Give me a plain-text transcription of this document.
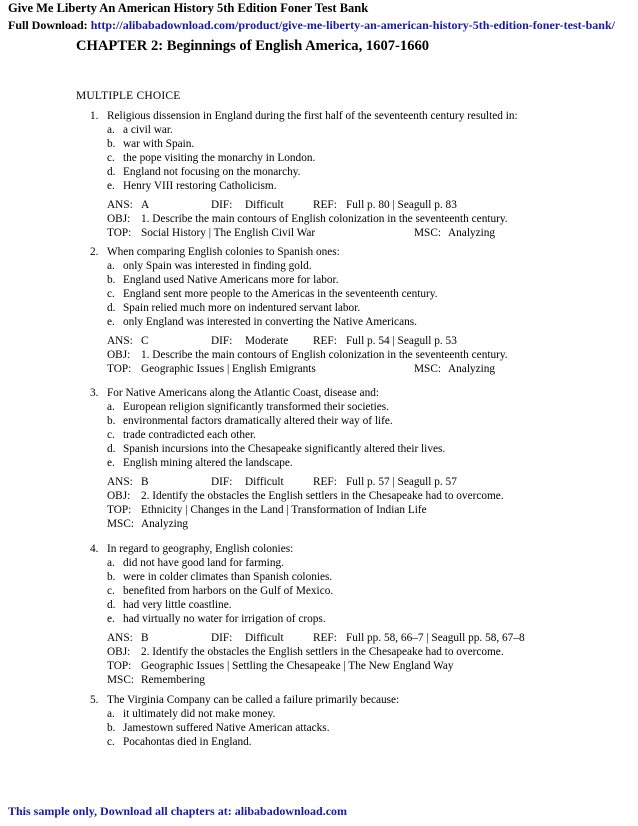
Give Me Liberty An American History 5th Edition Foner Test Bank
Full Download: http://alibabadownload.com/product/give-me-liberty-an-american-history-5th-edition-foner-test-bank/
CHAPTER 2: Beginnings of English America, 1607-1660
MULTIPLE CHOICE
1. Religious dissension in England during the first half of the seventeenth century resulted in:
a. a civil war.
b. war with Spain.
c. the pope visiting the monarchy in London.
d. England not focusing on the monarchy.
e. Henry VIII restoring Catholicism.
ANS: A	DIF: Difficult	REF: Full p. 80 | Seagull p. 83
OBJ: 1. Describe the main contours of English colonization in the seventeenth century.
TOP: Social History | The English Civil War	MSC: Analyzing
2. When comparing English colonies to Spanish ones:
a. only Spain was interested in finding gold.
b. England used Native Americans more for labor.
c. England sent more people to the Americas in the seventeenth century.
d. Spain relied much more on indentured servant labor.
e. only England was interested in converting the Native Americans.
ANS: C	DIF: Moderate REF: Full p. 54 | Seagull p. 53
OBJ: 1. Describe the main contours of English colonization in the seventeenth century.
TOP: Geographic Issues | English Emigrants	MSC: Analyzing
3. For Native Americans along the Atlantic Coast, disease and:
a. European religion significantly transformed their societies.
b. environmental factors dramatically altered their way of life.
c. trade contradicted each other.
d. Spanish incursions into the Chesapeake significantly altered their lives.
e. English mining altered the landscape.
ANS: B	DIF: Difficult	REF: Full p. 57 | Seagull p. 57
OBJ: 2. Identify the obstacles the English settlers in the Chesapeake had to overcome.
TOP: Ethnicity | Changes in the Land | Transformation of Indian Life
MSC: Analyzing
4. In regard to geography, English colonies:
a. did not have good land for farming.
b. were in colder climates than Spanish colonies.
c. benefited from harbors on the Gulf of Mexico.
d. had very little coastline.
e. had virtually no water for irrigation of crops.
ANS: B	DIF: Difficult	REF: Full pp. 58, 66–7 | Seagull pp. 58, 67–8
OBJ: 2. Identify the obstacles the English settlers in the Chesapeake had to overcome.
TOP: Geographic Issues | Settling the Chesapeake | The New England Way
MSC: Remembering
5. The Virginia Company can be called a failure primarily because:
a. it ultimately did not make money.
b. Jamestown suffered Native American attacks.
c. Pocahontas died in England.
This sample only, Download all chapters at: alibabadownload.com
